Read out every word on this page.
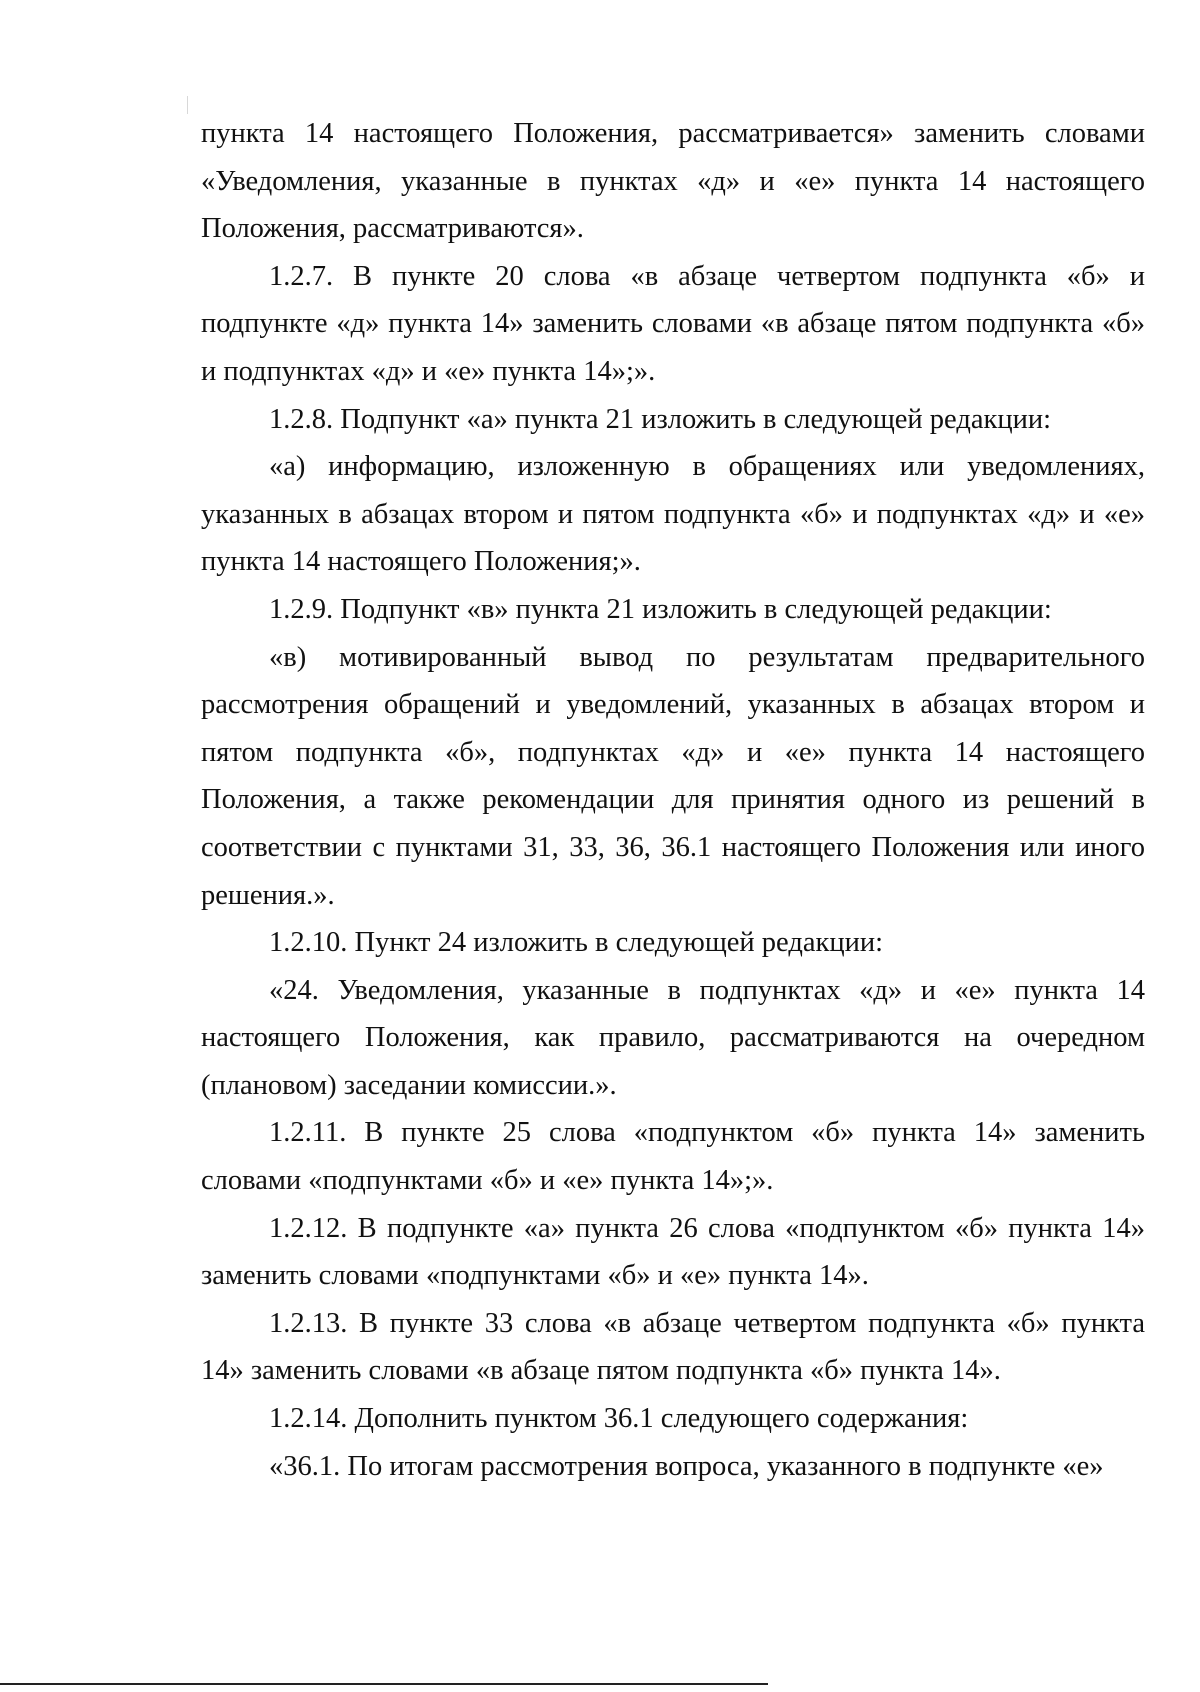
пункта 14 настоящего Положения, рассматривается» заменить словами «Уведомления, указанные в пунктах «д» и «е» пункта 14 настоящего Положения, рассматриваются».

1.2.7. В пункте 20 слова «в абзаце четвертом подпункта «б» и подпункте «д» пункта 14» заменить словами «в абзаце пятом подпункта «б» и подпунктах «д» и «е» пункта 14»;».

1.2.8. Подпункт «а» пункта 21 изложить в следующей редакции:

«а) информацию, изложенную в обращениях или уведомлениях, указанных в абзацах втором и пятом подпункта «б» и подпунктах «д» и «е» пункта 14 настоящего Положения;».

1.2.9. Подпункт «в» пункта 21 изложить в следующей редакции:

«в) мотивированный вывод по результатам предварительного рассмотрения обращений и уведомлений, указанных в абзацах втором и пятом подпункта «б», подпунктах «д» и «е» пункта 14 настоящего Положения, а также рекомендации для принятия одного из решений в соответствии с пунктами 31, 33, 36, 36.1 настоящего Положения или иного решения.».

1.2.10. Пункт 24 изложить в следующей редакции:

«24. Уведомления, указанные в подпунктах «д» и «е» пункта 14 настоящего Положения, как правило, рассматриваются на очередном (плановом) заседании комиссии.».

1.2.11. В пункте 25 слова «подпунктом «б» пункта 14» заменить словами «подпунктами «б» и «е» пункта 14»;».

1.2.12. В подпункте «а» пункта 26 слова «подпунктом «б» пункта 14» заменить словами «подпунктами «б» и «е» пункта 14».

1.2.13. В пункте 33 слова «в абзаце четвертом подпункта «б» пункта 14» заменить словами «в абзаце пятом подпункта «б» пункта 14».

1.2.14. Дополнить пунктом 36.1 следующего содержания:

«36.1. По итогам рассмотрения вопроса, указанного в подпункте «е»
